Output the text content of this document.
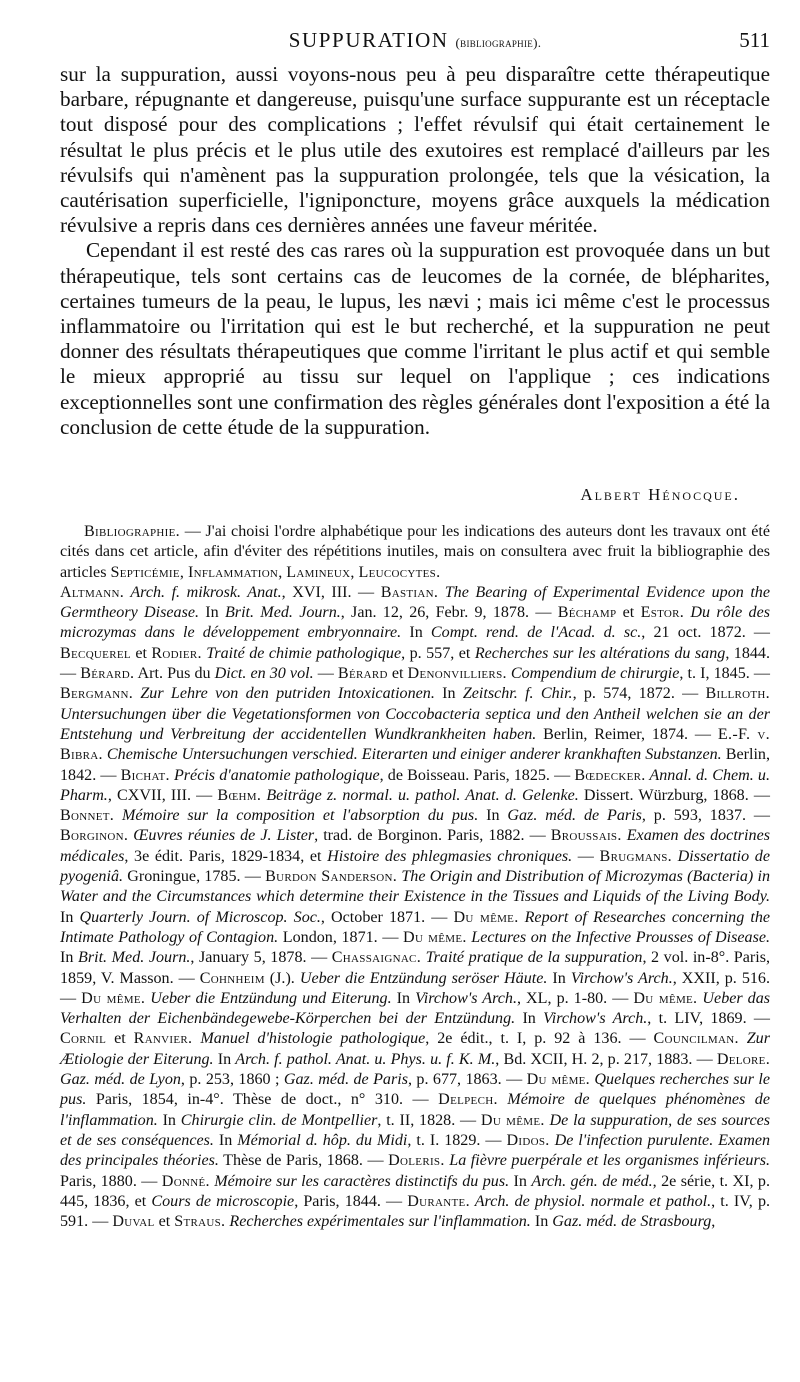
SUPPURATION (bibliographie).	511

sur la suppuration, aussi voyons-nous peu à peu disparaître cette thérapeutique barbare, répugnante et dangereuse, puisqu'une surface suppurante est un réceptacle tout disposé pour des complications ; l'effet révulsif qui était certainement le résultat le plus précis et le plus utile des exutoires est remplacé d'ailleurs par les révulsifs qui n'amènent pas la suppuration prolongée, tels que la vésication, la cautérisation superficielle, l'igniponcture, moyens grâce auxquels la médication révulsive a repris dans ces dernières années une faveur méritée.

Cependant il est resté des cas rares où la suppuration est provoquée dans un but thérapeutique, tels sont certains cas de leucomes de la cornée, de blépharites, certaines tumeurs de la peau, le lupus, les nævi ; mais ici même c'est le processus inflammatoire ou l'irritation qui est le but recherché, et la suppuration ne peut donner des résultats thérapeutiques que comme l'irritant le plus actif et qui semble le mieux approprié au tissu sur lequel on l'applique ; ces indications exceptionnelles sont une confirmation des règles générales dont l'exposition a été la conclusion de cette étude de la suppuration.

Albert Hénocque.

Bibliographie. — J'ai choisi l'ordre alphabétique pour les indications des auteurs dont les travaux ont été cités dans cet article, afin d'éviter des répétitions inutiles, mais on consultera avec fruit la bibliographie des articles Septicémie, Inflammation, Lamineux, Leucocytes.

Altmann. Arch. f. mikrosk. Anat., XVI, III. — Bastian. The Bearing of Experimental Evidence upon the Germtheory Disease. In Brit. Med. Journ., Jan. 12, 26, Febr. 9, 1878. — Béchamp et Estor. Du rôle des microzymas dans le développement embryonnaire. In Compt. rend. de l'Acad. d. sc., 21 oct. 1872. — Becquerel et Rodier. Traité de chimie pathologique, p. 557, et Recherches sur les altérations du sang, 1844. — Bérard. Art. Pus du Dict. en 30 vol. — Bérard et Denonvilliers. Compendium de chirurgie, t. I, 1845. — Bergmann. Zur Lehre von den putriden Intoxicationen. In Zeitschr. f. Chir., p. 574, 1872. — Billroth. Untersuchungen über die Vegetationsformen von Coccobacteria septica und den Antheil welchen sie an der Entstehung und Verbreitung der accidentellen Wundkrankheiten haben. Berlin, Reimer, 1874. — E.-F. v. Bibra. Chemische Untersuchungen verschied. Eiterarten und einiger anderer krankhaften Substanzen. Berlin, 1842. — Bichat. Précis d'anatomie pathologique, de Boisseau. Paris, 1825. — Bœdecker. Annal. d. Chem. u. Pharm., CXVII, III. — Bœhm. Beiträge z. normal. u. pathol. Anat. d. Gelenke. Dissert. Würzburg, 1868. — Bonnet. Mémoire sur la composition et l'absorption du pus. In Gaz. méd. de Paris, p. 593, 1837. — Borginon. Œuvres réunies de J. Lister, trad. de Borginon. Paris, 1882. — Broussais. Examen des doctrines médicales, 3e édit. Paris, 1829-1834, et Histoire des phlegmasies chroniques. — Brugmans. Dissertatio de pyogeniâ. Groningue, 1785. — Burdon Sanderson. The Origin and Distribution of Microzymas (Bacteria) in Water and the Circumstances which determine their Existence in the Tissues and Liquids of the Living Body. In Quarterly Journ. of Microscop. Soc., October 1871. — Du même. Report of Researches concerning the Intimate Pathology of Contagion. London, 1871. — Du même. Lectures on the Infective Prousses of Disease. In Brit. Med. Journ., January 5, 1878. — Chassaignac. Traité pratique de la suppuration, 2 vol. in-8°. Paris, 1859, V. Masson. — Cohnheim (J.). Ueber die Entzündung seröser Häute. In Virchow's Arch., XXII, p. 516. — Du même. Ueber die Entzündung und Eiterung. In Virchow's Arch., XL, p. 1-80. — Du même. Ueber das Verhalten der Eichenbändegewebe-Körperchen bei der Entzündung. In Virchow's Arch., t. LIV, 1869. — Cornil et Ranvier. Manuel d'histologie pathologique, 2e édit., t. I, p. 92 à 136. — Councilman. Zur Ætiologie der Eiterung. In Arch. f. pathol. Anat. u. Phys. u. f. K. M., Bd. XCII, H. 2, p. 217, 1883. — Delore. Gaz. méd. de Lyon, p. 253, 1860 ; Gaz. méd. de Paris, p. 677, 1863. — Du même. Quelques recherches sur le pus. Paris, 1854, in-4°. Thèse de doct., n° 310. — Delpech. Mémoire de quelques phénomènes de l'inflammation. In Chirurgie clin. de Montpellier, t. II, 1828. — Du même. De la suppuration, de ses sources et de ses conséquences. In Mémorial d. hôp. du Midi, t. I. 1829. — Didos. De l'infection purulente. Examen des principales théories. Thèse de Paris, 1868. — Doleris. La fièvre puerpérale et les organismes inférieurs. Paris, 1880. — Donné. Mémoire sur les caractères distinctifs du pus. In Arch. gén. de méd., 2e série, t. XI, p. 445, 1836, et Cours de microscopie, Paris, 1844. — Durante. Arch. de physiol. normale et pathol., t. IV, p. 591. — Duval et Straus. Recherches expérimentales sur l'inflammation. In Gaz. méd. de Strasbourg,
